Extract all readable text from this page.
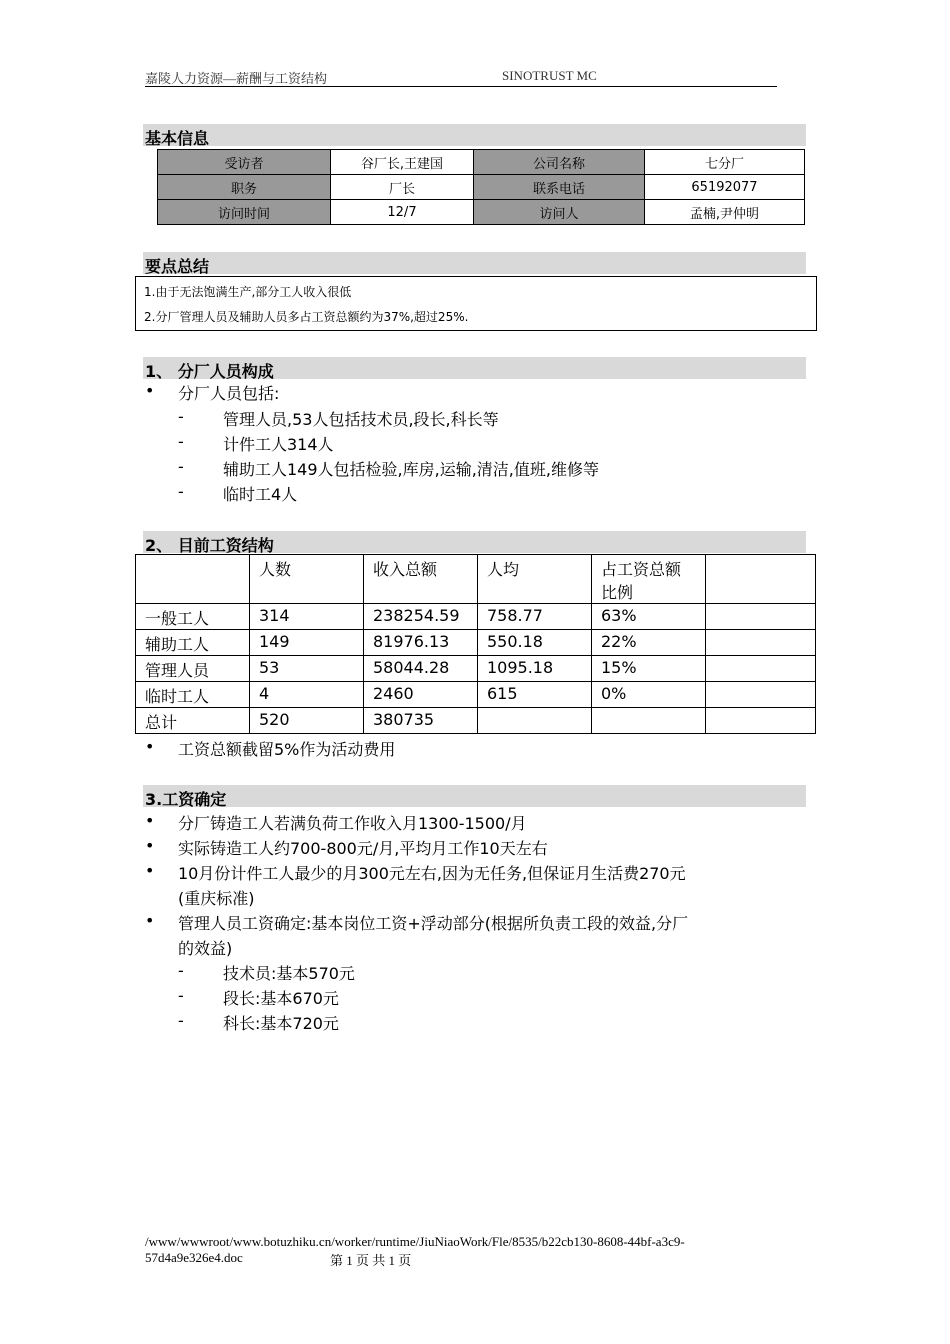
嘉陵人力资源—薪酬与工资结构	SINOTRUST MC
基本信息
受访者	谷厂长,王建国	公司名称	七分厂
职务	厂长	联系电话	65192077
访问时间	12/7	访问人	孟楠,尹仲明
要点总结
1.由于无法饱满生产,部分工人收入很低
2.分厂管理人员及辅助人员多占工资总额约为37%,超过25%.
1、 分厂人员构成
• 分厂人员包括:
- 管理人员,53人包括技术员,段长,科长等
- 计件工人314人
- 辅助工人149人包括检验,库房,运输,清洁,值班,维修等
- 临时工4人
2、 目前工资结构
	人数	收入总额	人均	占工资总额
比例	
一般工人	314	238254.59	758.77	63%	
辅助工人	149	81976.13	550.18	22%	
管理人员	53	58044.28	1095.18	15%	
临时工人	4	2460	615	0%	
总计	520	380735			
• 工资总额截留5%作为活动费用
3.工资确定
• 分厂铸造工人若满负荷工作收入月1300-1500/月
• 实际铸造工人约700-800元/月,平均月工作10天左右
• 10月份计件工人最少的月300元左右,因为无任务,但保证月生活费270元
(重庆标准)
• 管理人员工资确定:基本岗位工资+浮动部分(根据所负责工段的效益,分厂
的效益)
- 技术员:基本570元
- 段长:基本670元
- 科长:基本720元
/www/wwwroot/www.botuzhiku.cn/worker/runtime/JiuNiaoWork/Fle/8535/b22cb130-8608-44bf-a3c9-
57d4a9e326e4.doc	第 1 页 共 1 页
